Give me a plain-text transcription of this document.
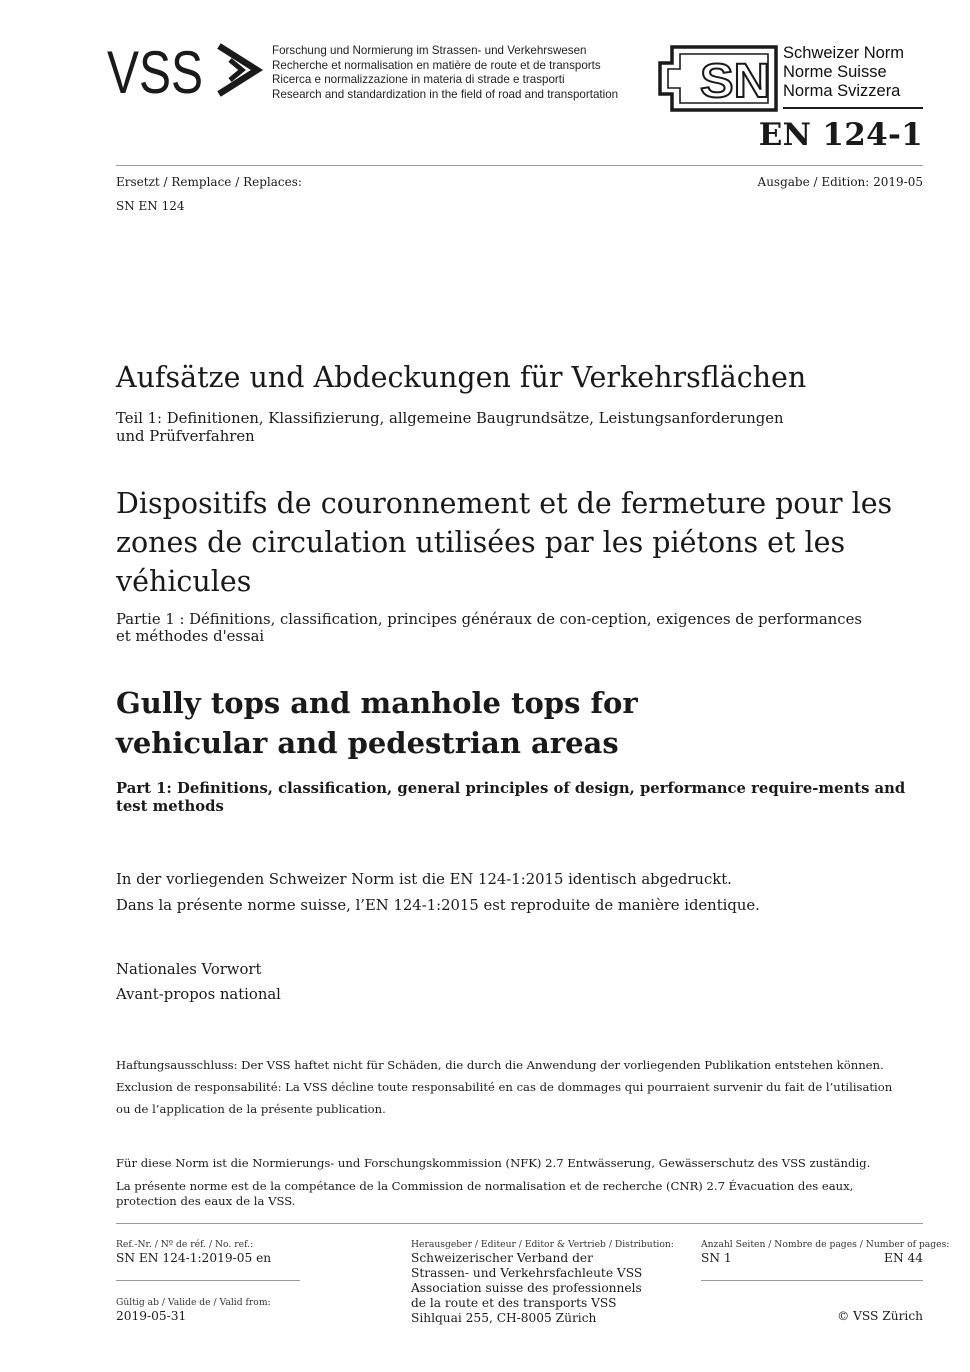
VSS	Forschung und Normierung im Strassen- und Verkehrswesen
Recherche et normalisation en matière de route et de transports
Ricerca e normalizzazione in materia di strade e trasporti
Research and standardization in the field of road and transportation SN
Schweizer Norm
Norme Suisse
Norma Svizzera
EN 124-1
Ersetzt / Remplace / Replaces:
SN EN 124
Ausgabe / Edition: 2019-05
Aufsätze und Abdeckungen für Verkehrsflächen
Teil 1: Definitionen, Klassifizierung, allgemeine Baugrundsätze, Leistungsanforderungen und Prüfverfahren
Dispositifs de couronnement et de fermeture pour les zones de circulation utilisées par les piétons et les véhicules
Partie 1 : Définitions, classification, principes généraux de con-ception, exigences de performances et méthodes d'essai
Gully tops and manhole tops for vehicular and pedestrian areas
Part 1: Definitions, classification, general principles of design, performance require-ments and test methods
In der vorliegenden Schweizer Norm ist die EN 124-1:2015 identisch abgedruckt.
Dans la présente norme suisse, l’EN 124-1:2015 est reproduite de manière identique.
Nationales Vorwort
Avant-propos national
Haftungsausschluss: Der VSS haftet nicht für Schäden, die durch die Anwendung der vorliegenden Publikation entstehen können.
Exclusion de responsabilité: La VSS décline toute responsabilité en cas de dommages qui pourraient survenir du fait de l’utilisation ou de l’application de la présente publication.
Für diese Norm ist die Normierungs- und Forschungskommission (NFK) 2.7 Entwässerung, Gewässerschutz des VSS zuständig.
La présente norme est de la compétance de la Commission de normalisation et de recherche (CNR) 2.7 Évacuation des eaux, protection des eaux de la VSS.
Ref.-Nr. / Nº de réf. / No. ref.:
SN EN 124-1:2019-05 en
Gültig ab / Valide de / Valid from:
2019-05-31
Herausgeber / Editeur / Editor & Vertrieb / Distribution:
Schweizerischer Verband der
Strassen- und Verkehrsfachleute VSS
Association suisse des professionnels
de la route et des transports VSS
Sihlquai 255, CH-8005 Zürich
Anzahl Seiten / Nombre de pages / Number of pages:
SN 1	EN 44
© VSS Zürich
